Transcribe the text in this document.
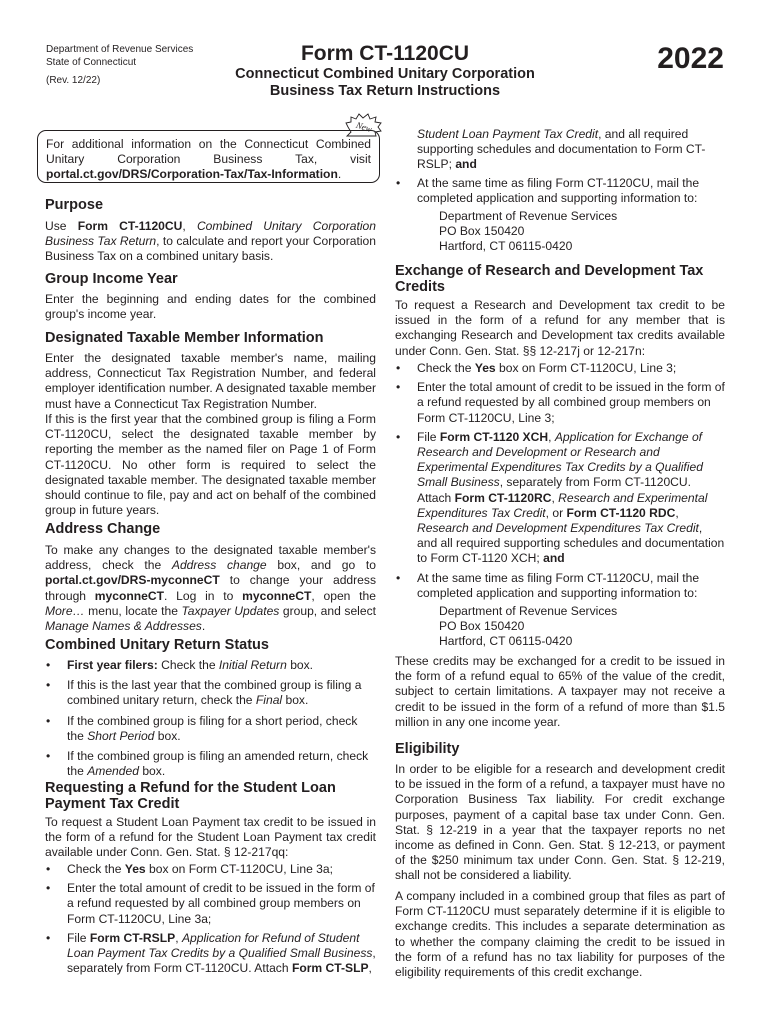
Department of Revenue Services
State of Connecticut
(Rev. 12/22)
Form CT-1120CU
Connecticut Combined Unitary Corporation
Business Tax Return Instructions
2022
New
For additional information on the Connecticut Combined Unitary Corporation Business Tax, visit portal.ct.gov/DRS/Corporation-Tax/Tax-Information.
Purpose

Use Form CT-1120CU, Combined Unitary Corporation Business Tax Return, to calculate and report your Corporation Business Tax on a combined unitary basis.

Group Income Year

Enter the beginning and ending dates for the combined group's income year.

Designated Taxable Member Information

Enter the designated taxable member's name, mailing address, Connecticut Tax Registration Number, and federal employer identification number. A designated taxable member must have a Connecticut Tax Registration Number.

If this is the first year that the combined group is filing a Form CT-1120CU, select the designated taxable member by reporting the member as the named filer on Page 1 of Form CT-1120CU. No other form is required to select the designated taxable member. The designated taxable member should continue to file, pay and act on behalf of the combined group in future years.

Address Change

To make any changes to the designated taxable member's address, check the Address change box, and go to portal.ct.gov/DRS-myconneCT to change your address through myconneCT. Log in to myconneCT, open the More… menu, locate the Taxpayer Updates group, and select Manage Names & Addresses.

Combined Unitary Return Status
• First year filers: Check the Initial Return box.
• If this is the last year that the combined group is filing a combined unitary return, check the Final box.
• If the combined group is filing for a short period, check the Short Period box.
• If the combined group is filing an amended return, check the Amended box.
Requesting a Refund for the Student Loan Payment Tax Credit

To request a Student Loan Payment tax credit to be issued in the form of a refund for the Student Loan Payment tax credit available under Conn. Gen. Stat. § 12-217qq:

• Check the Yes box on Form CT-1120CU, Line 3a;
• Enter the total amount of credit to be issued in the form of a refund requested by all combined group members on Form CT-1120CU, Line 3a;
• File Form CT-RSLP, Application for Refund of Student Loan Payment Tax Credits by a Qualified Small Business, separately from Form CT-1120CU. Attach Form CT-SLP,

Student Loan Payment Tax Credit, and all required supporting schedules and documentation to Form CT-RSLP; and

• At the same time as filing Form CT-1120CU, mail the completed application and supporting information to:
Department of Revenue Services
PO Box 150420
Hartford, CT 06115-0420
Exchange of Research and Development Tax Credits

To request a Research and Development tax credit to be issued in the form of a refund for any member that is exchanging Research and Development tax credits available under Conn. Gen. Stat. §§ 12-217j or 12-217n:

• Check the Yes box on Form CT-1120CU, Line 3;
• Enter the total amount of credit to be issued in the form of a refund requested by all combined group members on Form CT-1120CU, Line 3;
• File Form CT-1120 XCH, Application for Exchange of Research and Development or Research and Experimental Expenditures Tax Credits by a Qualified Small Business, separately from Form CT-1120CU. Attach Form CT-1120RC, Research and Experimental Expenditures Tax Credit, or Form CT-1120 RDC, Research and Development Expenditures Tax Credit, and all required supporting schedules and documentation to Form CT-1120 XCH; and
• At the same time as filing Form CT-1120CU, mail the completed application and supporting information to:
Department of Revenue Services
PO Box 150420
Hartford, CT 06115-0420

These credits may be exchanged for a credit to be issued in the form of a refund equal to 65% of the value of the credit, subject to certain limitations. A taxpayer may not receive a credit to be issued in the form of a refund of more than $1.5 million in any one income year.

Eligibility

In order to be eligible for a research and development credit to be issued in the form of a refund, a taxpayer must have no Corporation Business Tax liability. For credit exchange purposes, payment of a capital base tax under Conn. Gen. Stat. § 12-219 in a year that the taxpayer reports no net income as defined in Conn. Gen. Stat. § 12-213, or payment of the $250 minimum tax under Conn. Gen. Stat. § 12-219, shall not be considered a liability.

A company included in a combined group that files as part of Form CT-1120CU must separately determine if it is eligible to exchange credits. This includes a separate determination as to whether the company claiming the credit to be issued in the form of a refund has no tax liability for purposes of the eligibility requirements of this credit exchange.
